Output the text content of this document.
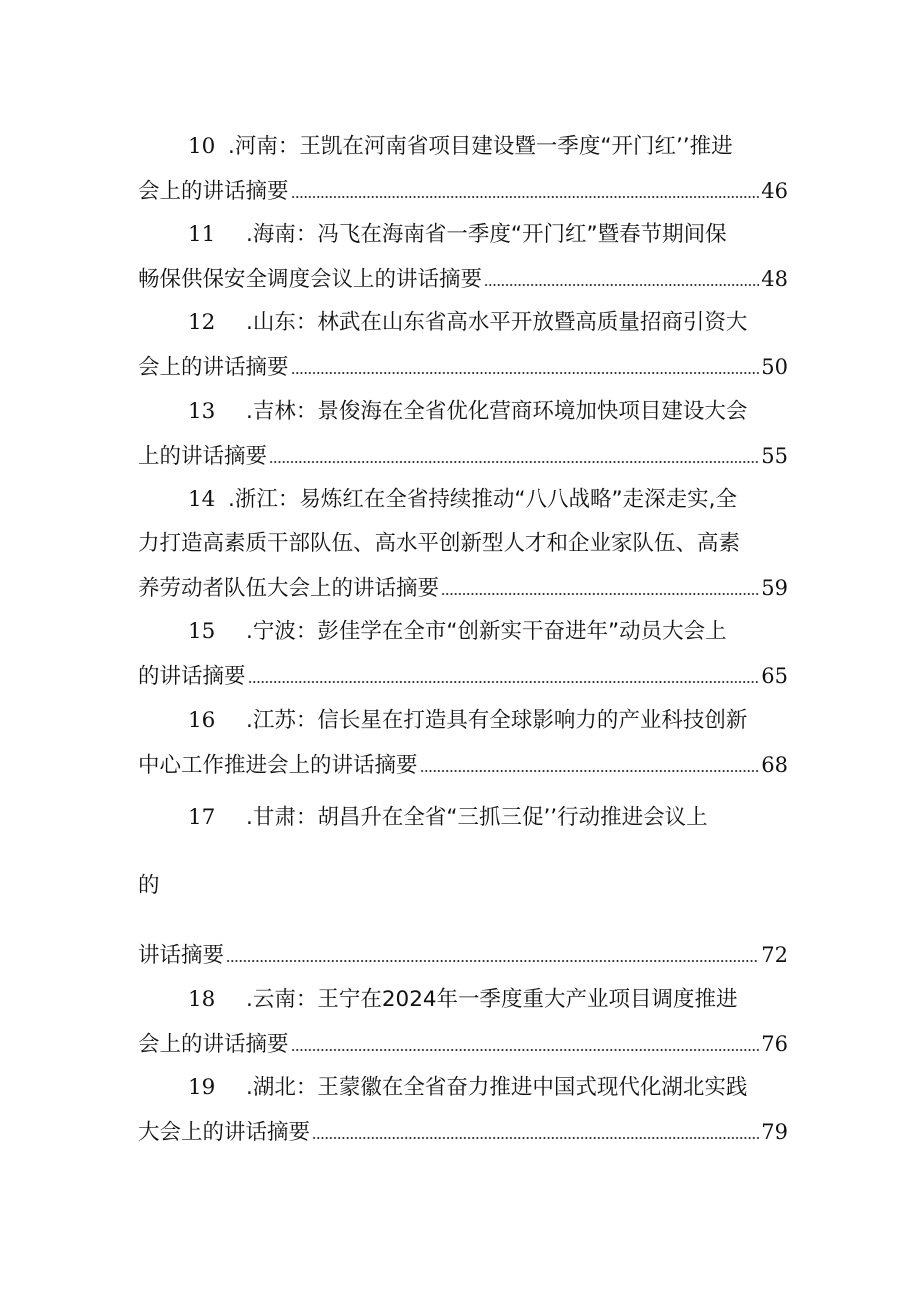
10 .河南：王凯在河南省项目建设暨一季度“开门红’’推进
会上的讲话摘要	46
11 .海南：冯飞在海南省一季度“开门红”暨春节期间保
畅保供保安全调度会议上的讲话摘要	48
12 .山东：林武在山东省高水平开放暨高质量招商引资大
会上的讲话摘要	50
13 .吉林：景俊海在全省优化营商环境加快项目建设大会
上的讲话摘要	55
14 .浙江：易炼红在全省持续推动“八八战略”走深走实,全
力打造高素质干部队伍、高水平创新型人才和企业家队伍、高素
养劳动者队伍大会上的讲话摘要	59
15 .宁波：彭佳学在全市“创新实干奋进年”动员大会上
的讲话摘要	65
16 .江苏：信长星在打造具有全球影响力的产业科技创新
中心工作推进会上的讲话摘要	68
17 .甘肃：胡昌升在全省“三抓三促’’行动推进会议上
的
讲话摘要	72
18 .云南：王宁在2024年一季度重大产业项目调度推进
会上的讲话摘要	76
19 .湖北：王蒙徽在全省奋力推进中国式现代化湖北实践
大会上的讲话摘要	79
